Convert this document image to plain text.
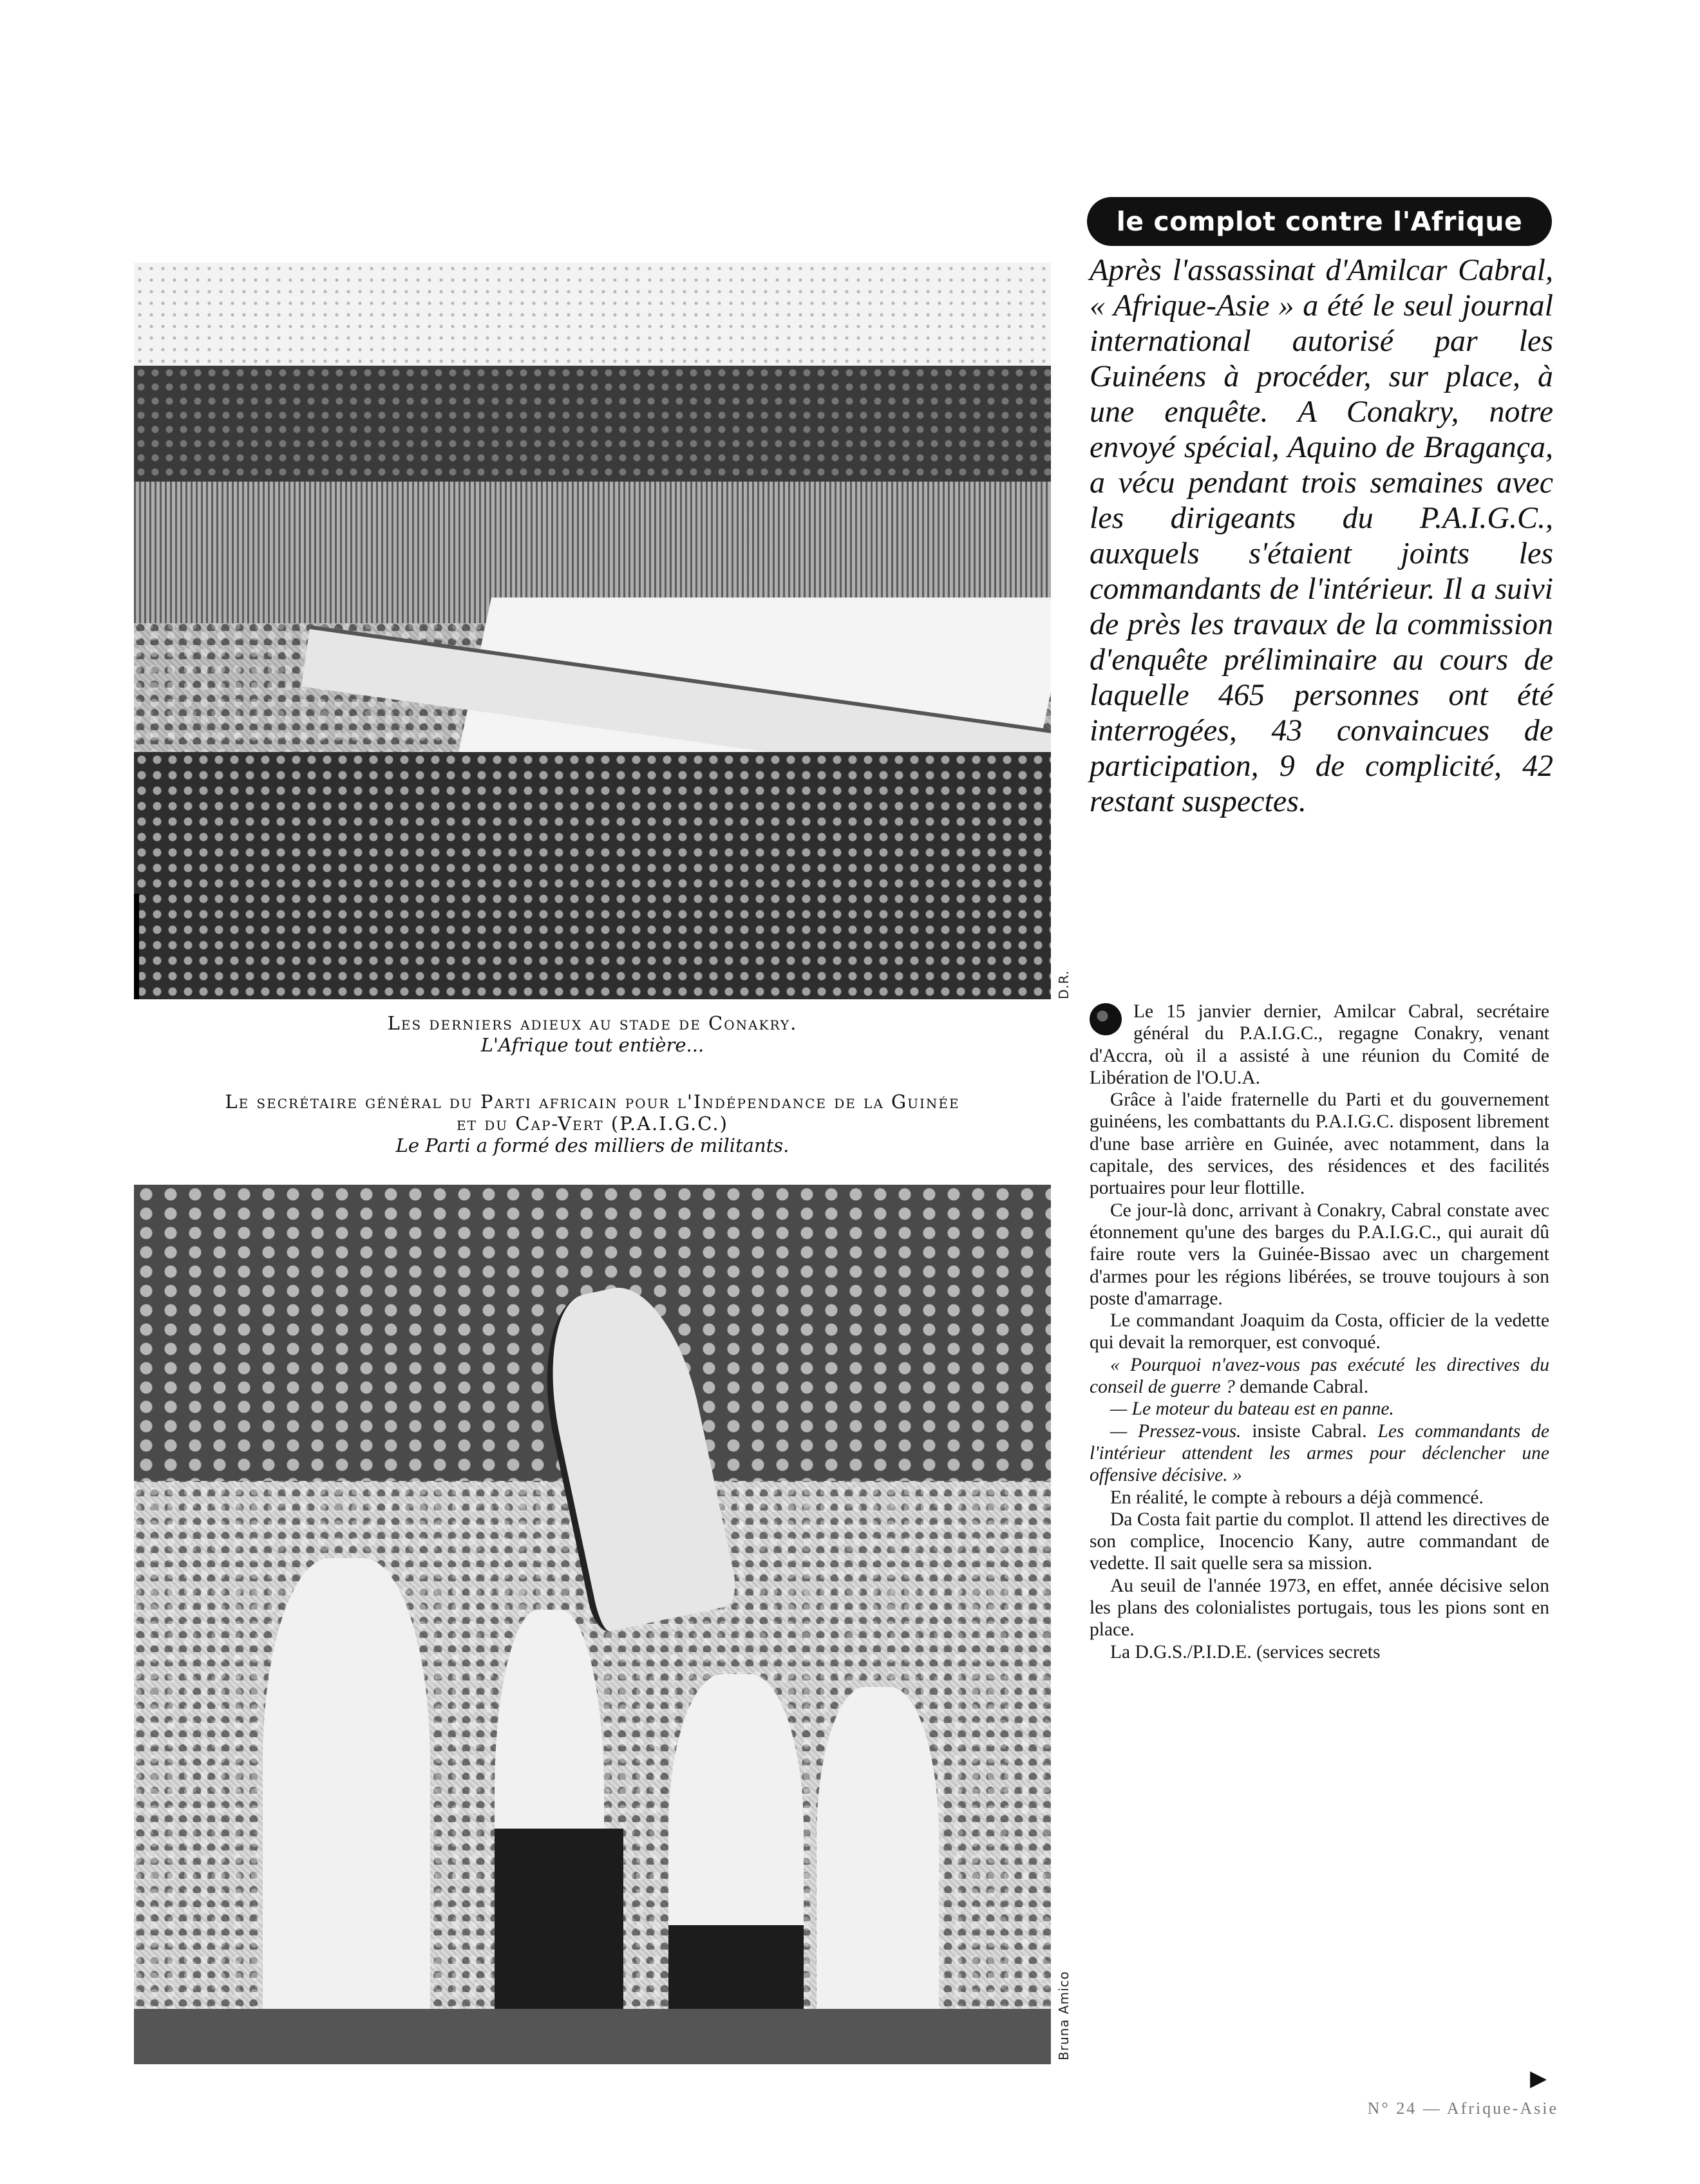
D.R.
Les derniers adieux au stade de Conakry.
L'Afrique tout entière...
Le secrétaire général du Parti africain pour l'Indépendance de la Guinée
et du Cap-Vert (P.A.I.G.C.)
Le Parti a formé des milliers de militants.
Bruna Amico
le complot contre l'Afrique

Après l'assassinat d'Amilcar Cabral, « Afrique-Asie » a été le seul journal international autorisé par les Guinéens à procéder, sur place, à une enquête. A Conakry, notre envoyé spécial, Aquino de Bragança, a vécu pendant trois semaines avec les dirigeants du P.A.I.G.C., auxquels s'étaient joints les commandants de l'intérieur. Il a suivi de près les travaux de la commission d'enquête préliminaire au cours de laquelle 465 personnes ont été interrogées, 43 convaincues de participation, 9 de complicité, 42 restant suspectes.

Le 15 janvier dernier, Amilcar Cabral, secrétaire général du P.A.I.G.C., regagne Conakry, venant d'Accra, où il a assisté à une réunion du Comité de Libération de l'O.U.A.

Grâce à l'aide fraternelle du Parti et du gouvernement guinéens, les combattants du P.A.I.G.C. disposent librement d'une base arrière en Guinée, avec notamment, dans la capitale, des services, des résidences et des facilités portuaires pour leur flottille.

Ce jour-là donc, arrivant à Conakry, Cabral constate avec étonnement qu'une des barges du P.A.I.G.C., qui aurait dû faire route vers la Guinée-Bissao avec un chargement d'armes pour les régions libérées, se trouve toujours à son poste d'amarrage.

Le commandant Joaquim da Costa, officier de la vedette qui devait la remorquer, est convoqué.

« Pourquoi n'avez-vous pas exécuté les directives du conseil de guerre ? demande Cabral.

— Le moteur du bateau est en panne.

— Pressez-vous. insiste Cabral. Les commandants de l'intérieur attendent les armes pour déclencher une offensive décisive. »

En réalité, le compte à rebours a déjà commencé.

Da Costa fait partie du complot. Il attend les directives de son complice, Inocencio Kany, autre commandant de vedette. Il sait quelle sera sa mission.

Au seuil de l'année 1973, en effet, année décisive selon les plans des colonialistes portugais, tous les pions sont en place.

La D.G.S./P.I.D.E. (services secrets

▶
N° 24 — Afrique-Asie
